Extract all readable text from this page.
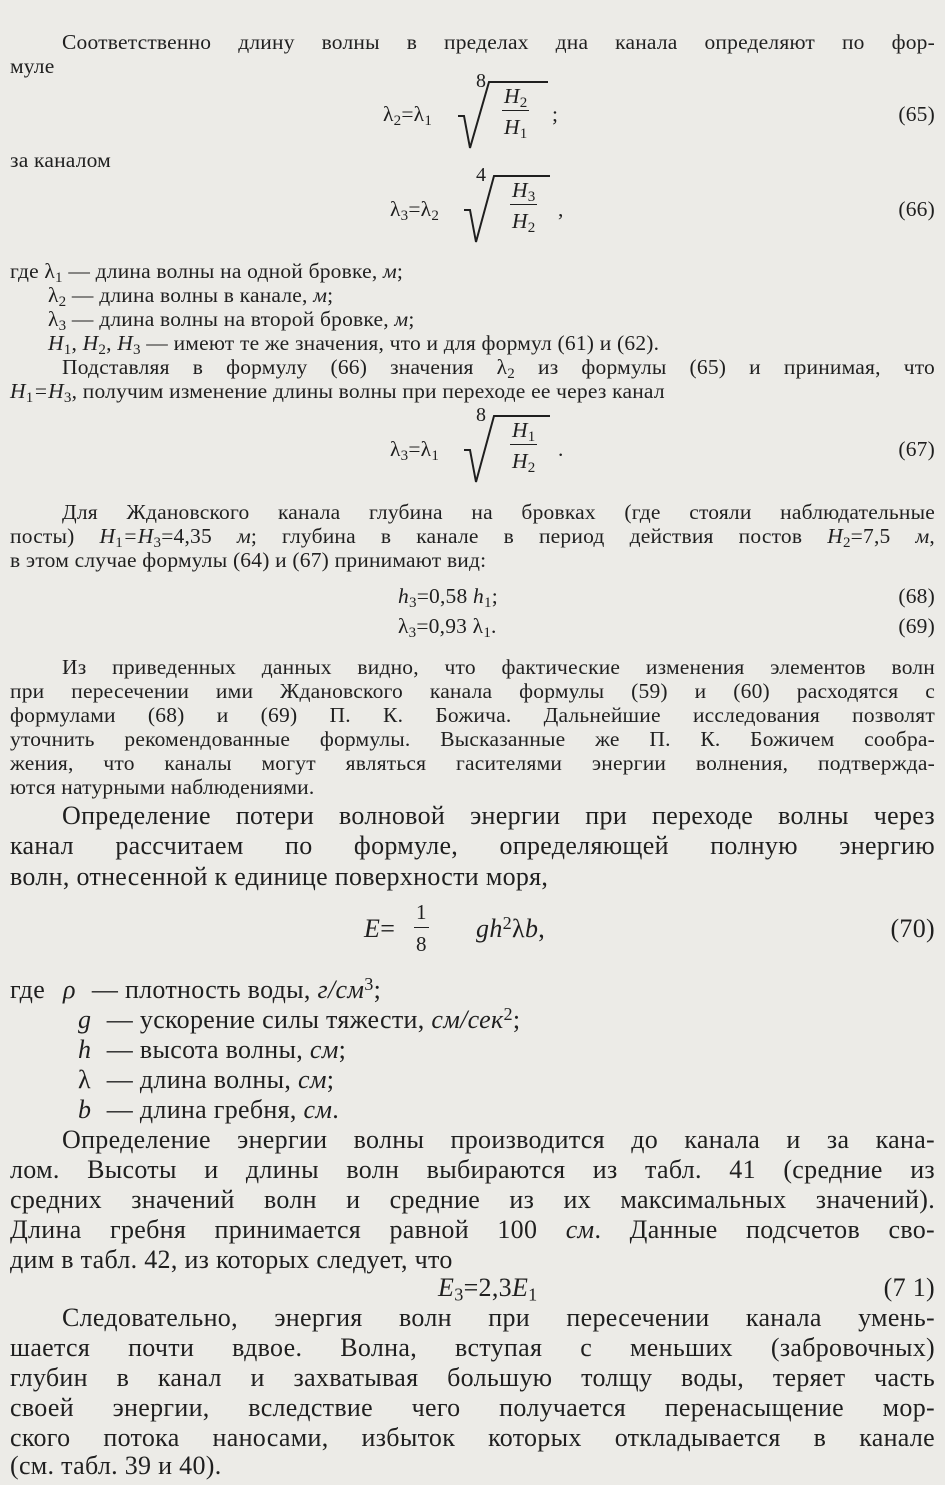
Соответственно длину волны в пределах дна канала определяют по фор-
муле
$\lambda_2=\lambda_1$
8
$\frac{H_2}{H_1}$ ;	(65)
за каналом
$\lambda_3=\lambda_2$
4
$\frac{H_3}{H_2}$ ,	(66)
где $\lambda_1$ — длина волны на одной бровке, м;
$\lambda_2$ — длина волны в канале, м;
$\lambda_3$ — длина волны на второй бровке, м;
$H_1$, $H_2$, $H_3$ — имеют те же значения, что и для формул (61) и (62).
Подставляя в формулу (66) значения $\lambda_2$ из формулы (65) и принимая, что
$H_1=H_3$, получим изменение длины волны при переходе ее через канал
$\lambda_3=\lambda_1$
8
$\frac{H_1}{H_2}$ .	(67)
Для Ждановского канала глубина на бровках (где стояли наблюдательные
посты) $H_1=H_3=4,35$ м; глубина в канале в период действия постов $H_2=7,5$ м,
в этом случае формулы (64) и (67) принимают вид:
$h_3=0,58$ $h_1$;	(68)
$\lambda_3=0,93$ $\lambda_1$.	(69)
Из приведенных данных видно, что фактические изменения элементов волн
при пересечении ими Ждановского канала формулы (59) и (60) расходятся с
формулами (68) и (69) П. К. Божича. Дальнейшие исследования позволят
уточнить рекомендованные формулы. Высказанные же П. К. Божичем сообра-
жения, что каналы могут являться гасителями энергии волнения, подтвержда-
ются натурными наблюдениями.
Определение потери волновой энергии при переходе волны через
канал рассчитаем по формуле, определяющей полную энергию
волн, отнесенной к единице поверхности моря,
$E= \frac{1}{8} gh^2\lambda b$,	(70)
где ρ — плотность воды, $г/см^3$;
g — ускорение силы тяжести, см/сек$^2$;
h — высота волны, см;
λ — длина волны, см;
b — длина гребня, см.
Определение энергии волны производится до канала и за кана-
лом. Высоты и длины волн выбираются из табл. 41 (средние из
средних значений волн и средние из их максимальных значений).
Длина гребня принимается равной 100 см. Данные подсчетов сво-
дим в табл. 42, из которых следует, что
$E_3=2,3E_1$	(7 1)
Следовательно, энергия волн при пересечении канала умень-
шается почти вдвое. Волна, вступая с меньших (забровочных)
глубин в канал и захватывая большую толщу воды, теряет часть
своей энергии, вследствие чего получается перенасыщение мор-
ского потока наносами, избыток которых откладывается в канале
(см. табл. 39 и 40).
